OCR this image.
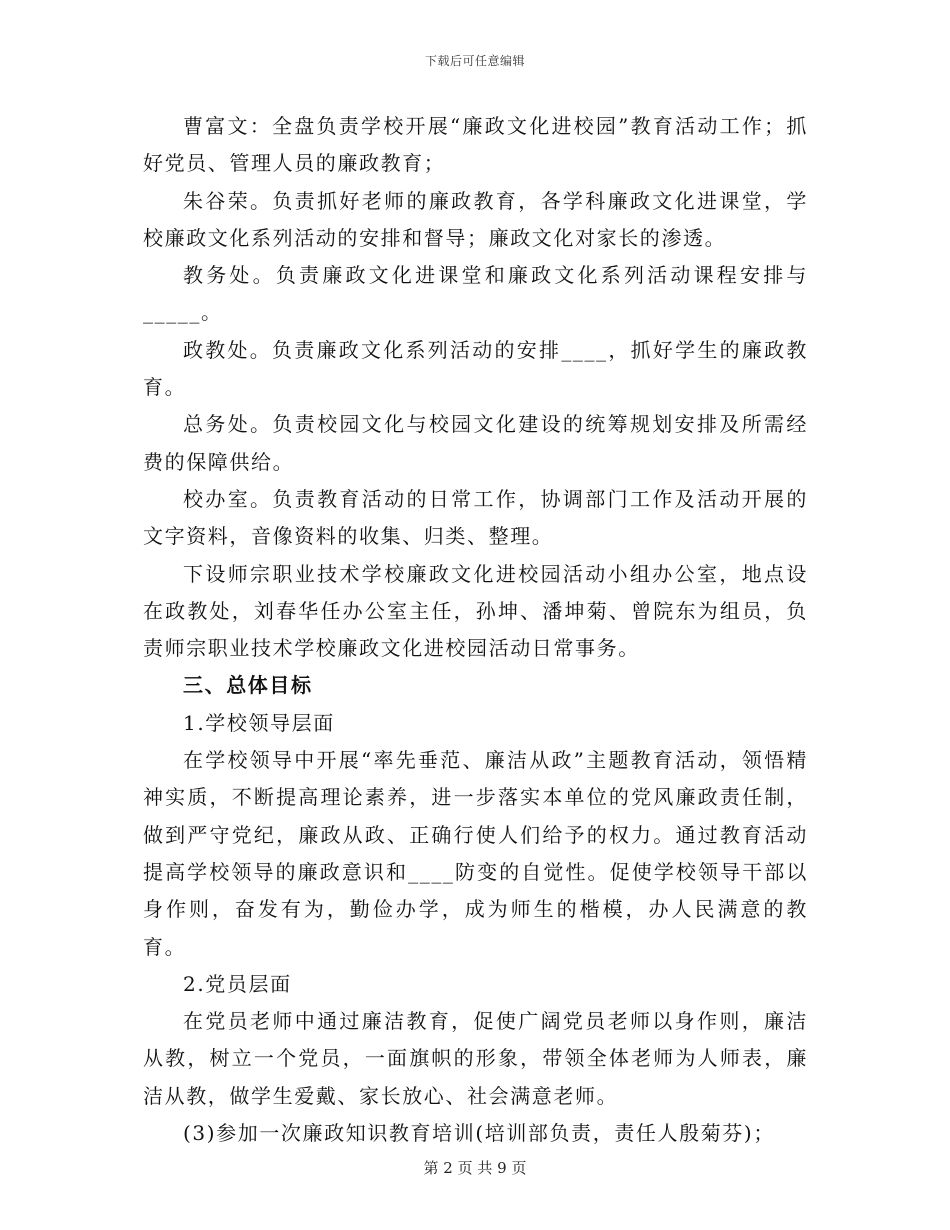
下载后可任意编辑

曹富文：全盘负责学校开展“廉政文化进校园”教育活动工作；抓好党员、管理人员的廉政教育；

朱谷荣。负责抓好老师的廉政教育，各学科廉政文化进课堂，学校廉政文化系列活动的安排和督导；廉政文化对家长的渗透。

教务处。负责廉政文化进课堂和廉政文化系列活动课程安排与_____。

政教处。负责廉政文化系列活动的安排____，抓好学生的廉政教育。

总务处。负责校园文化与校园文化建设的统筹规划安排及所需经费的保障供给。

校办室。负责教育活动的日常工作，协调部门工作及活动开展的文字资料，音像资料的收集、归类、整理。

下设师宗职业技术学校廉政文化进校园活动小组办公室，地点设在政教处，刘春华任办公室主任，孙坤、潘坤菊、曾院东为组员，负责师宗职业技术学校廉政文化进校园活动日常事务。

三、总体目标

1.学校领导层面

在学校领导中开展“率先垂范、廉洁从政”主题教育活动，领悟精神实质，不断提高理论素养，进一步落实本单位的党风廉政责任制，做到严守党纪，廉政从政、正确行使人们给予的权力。通过教育活动提高学校领导的廉政意识和____防变的自觉性。促使学校领导干部以身作则，奋发有为，勤俭办学，成为师生的楷模，办人民满意的教育。

2.党员层面

在党员老师中通过廉洁教育，促使广阔党员老师以身作则，廉洁从教，树立一个党员，一面旗帜的形象，带领全体老师为人师表，廉洁从教，做学生爱戴、家长放心、社会满意老师。

(3)参加一次廉政知识教育培训(培训部负责，责任人殷菊芬)；

第 2 页 共 9 页
